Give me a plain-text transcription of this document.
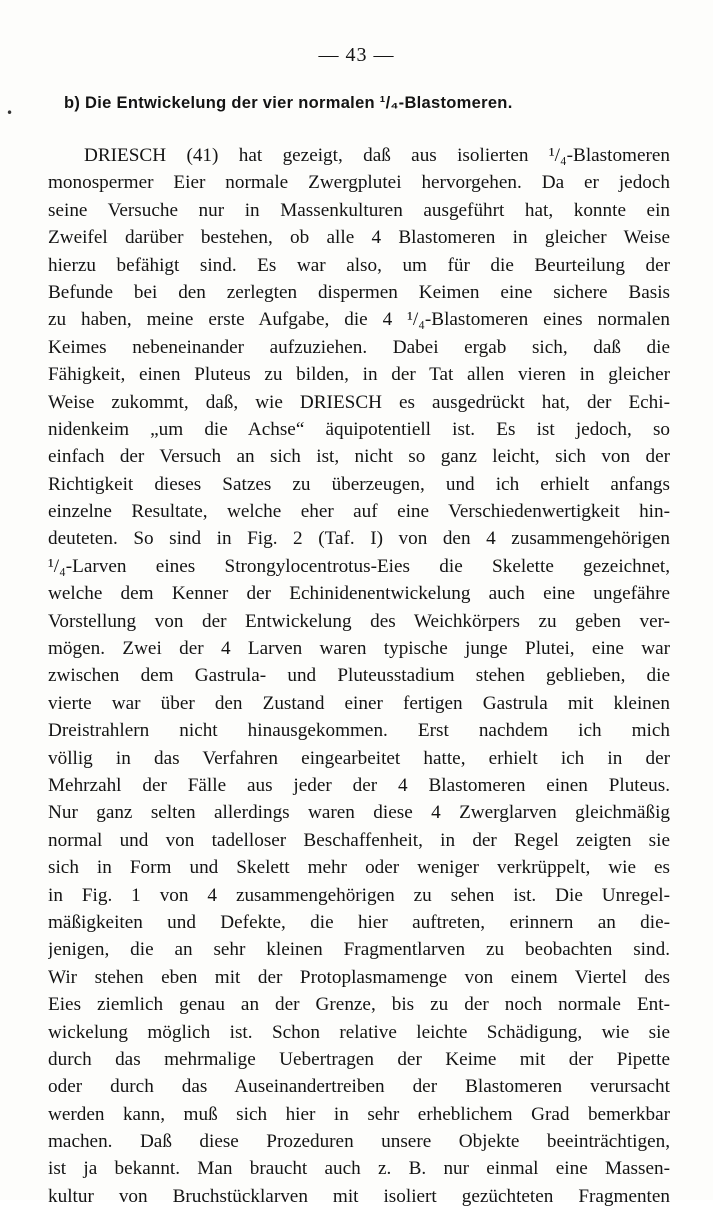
— 43 —
•
b) Die Entwickelung der vier normalen ¹/₄-Blastomeren.
DRIESCH (41) hat gezeigt, daß aus isolierten ¹/₄-Blastomeren
monospermer Eier normale Zwergplutei hervorgehen. Da er jedoch
seine Versuche nur in Massenkulturen ausgeführt hat, konnte ein
Zweifel darüber bestehen, ob alle 4 Blastomeren in gleicher Weise
hierzu befähigt sind. Es war also, um für die Beurteilung der
Befunde bei den zerlegten dispermen Keimen eine sichere Basis
zu haben, meine erste Aufgabe, die 4 ¹/₄-Blastomeren eines normalen
Keimes nebeneinander aufzuziehen. Dabei ergab sich, daß die
Fähigkeit, einen Pluteus zu bilden, in der Tat allen vieren in gleicher
Weise zukommt, daß, wie DRIESCH es ausgedrückt hat, der Echi-
nidenkeim „um die Achse“ äquipotentiell ist. Es ist jedoch, so
einfach der Versuch an sich ist, nicht so ganz leicht, sich von der
Richtigkeit dieses Satzes zu überzeugen, und ich erhielt anfangs
einzelne Resultate, welche eher auf eine Verschiedenwertigkeit hin-
deuteten. So sind in Fig. 2 (Taf. I) von den 4 zusammengehörigen
¹/₄-Larven eines Strongylocentrotus-Eies die Skelette gezeichnet,
welche dem Kenner der Echinidenentwickelung auch eine ungefähre
Vorstellung von der Entwickelung des Weichkörpers zu geben ver-
mögen. Zwei der 4 Larven waren typische junge Plutei, eine war
zwischen dem Gastrula- und Pluteusstadium stehen geblieben, die
vierte war über den Zustand einer fertigen Gastrula mit kleinen
Dreistrahlern nicht hinausgekommen. Erst nachdem ich mich
völlig in das Verfahren eingearbeitet hatte, erhielt ich in der
Mehrzahl der Fälle aus jeder der 4 Blastomeren einen Pluteus.
Nur ganz selten allerdings waren diese 4 Zwerglarven gleichmäßig
normal und von tadelloser Beschaffenheit, in der Regel zeigten sie
sich in Form und Skelett mehr oder weniger verkrüppelt, wie es
in Fig. 1 von 4 zusammengehörigen zu sehen ist. Die Unregel-
mäßigkeiten und Defekte, die hier auftreten, erinnern an die-
jenigen, die an sehr kleinen Fragmentlarven zu beobachten sind.
Wir stehen eben mit der Protoplasmamenge von einem Viertel des
Eies ziemlich genau an der Grenze, bis zu der noch normale Ent-
wickelung möglich ist. Schon relative leichte Schädigung, wie sie
durch das mehrmalige Uebertragen der Keime mit der Pipette
oder durch das Auseinandertreiben der Blastomeren verursacht
werden kann, muß sich hier in sehr erheblichem Grad bemerkbar
machen. Daß diese Prozeduren unsere Objekte beeinträchtigen,
ist ja bekannt. Man braucht auch z. B. nur einmal eine Massen-
kultur von Bruchstücklarven mit isoliert gezüchteten Fragmenten
